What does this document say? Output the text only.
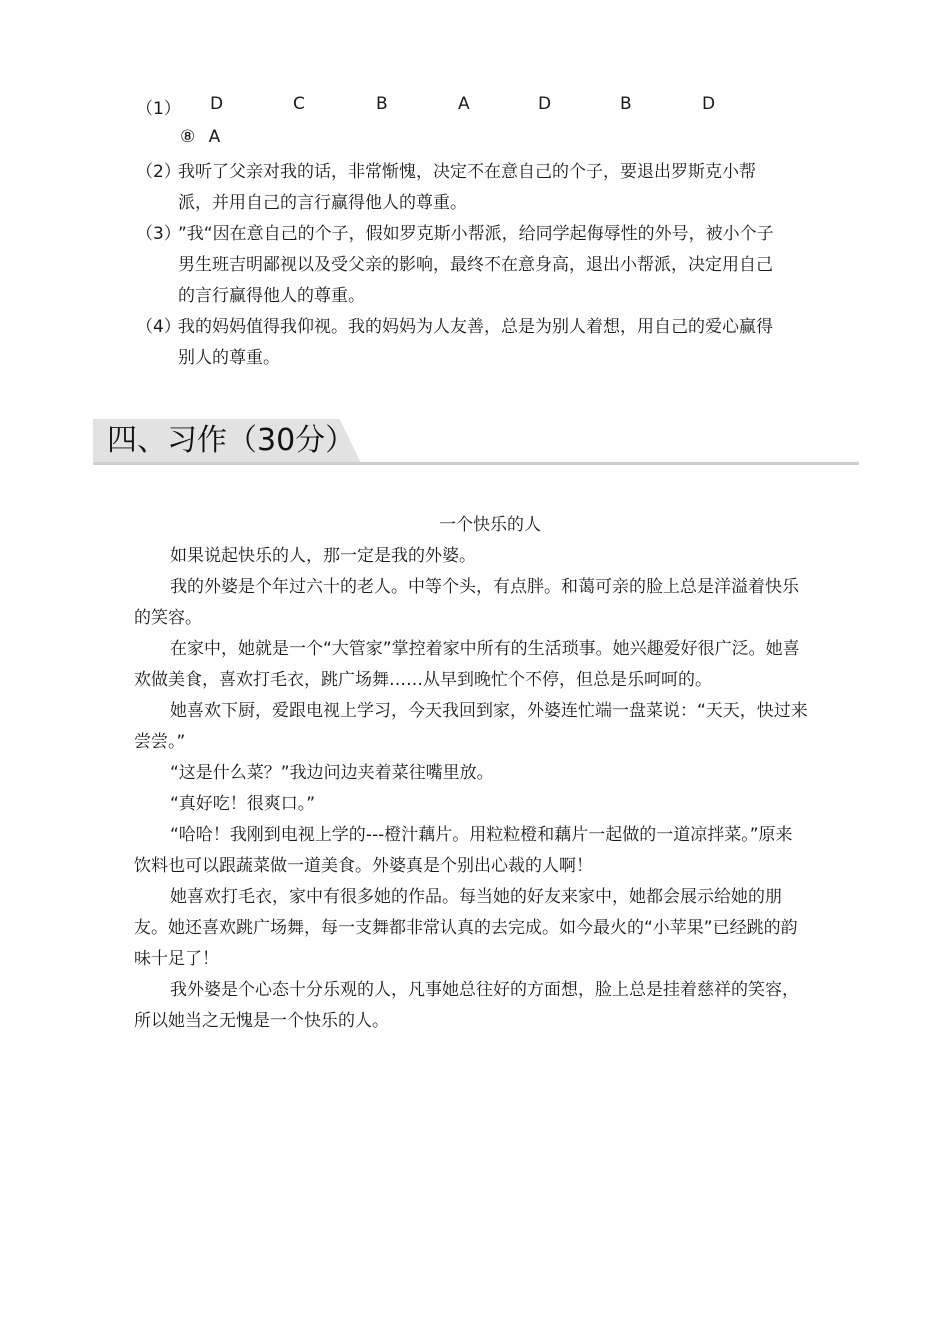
（1） D	C	B	A	D	B	D
⑧ A
（2）
我听了父亲对我的话，非常惭愧，决定不在意自己的个子，要退出罗斯克小帮
派，并用自己的言行赢得他人的尊重。
（3）
”我“因在意自己的个子，假如罗克斯小帮派，给同学起侮辱性的外号，被小个子
男生班吉明鄙视以及受父亲的影响，最终不在意身高，退出小帮派，决定用自己
的言行赢得他人的尊重。
（4）
我的妈妈值得我仰视。我的妈妈为人友善，总是为别人着想，用自己的爱心赢得
别人的尊重。
四、习作（30分）
一个快乐的人
如果说起快乐的人，那一定是我的外婆。
我的外婆是个年过六十的老人。中等个头，有点胖。和蔼可亲的脸上总是洋溢着快乐
的笑容。
在家中，她就是一个“大管家”掌控着家中所有的生活琐事。她兴趣爱好很广泛。她喜
欢做美食，喜欢打毛衣，跳广场舞……从早到晚忙个不停，但总是乐呵呵的。
她喜欢下厨，爱跟电视上学习，今天我回到家，外婆连忙端一盘菜说：“天天，快过来
尝尝。”
“这是什么菜？”我边问边夹着菜往嘴里放。
“真好吃！很爽口。”
“哈哈！我刚到电视上学的---橙汁藕片。用粒粒橙和藕片一起做的一道凉拌菜。”原来
饮料也可以跟蔬菜做一道美食。外婆真是个别出心裁的人啊！
她喜欢打毛衣，家中有很多她的作品。每当她的好友来家中，她都会展示给她的朋
友。她还喜欢跳广场舞，每一支舞都非常认真的去完成。如今最火的“小苹果”已经跳的韵
味十足了！
我外婆是个心态十分乐观的人，凡事她总往好的方面想，脸上总是挂着慈祥的笑容，
所以她当之无愧是一个快乐的人。
